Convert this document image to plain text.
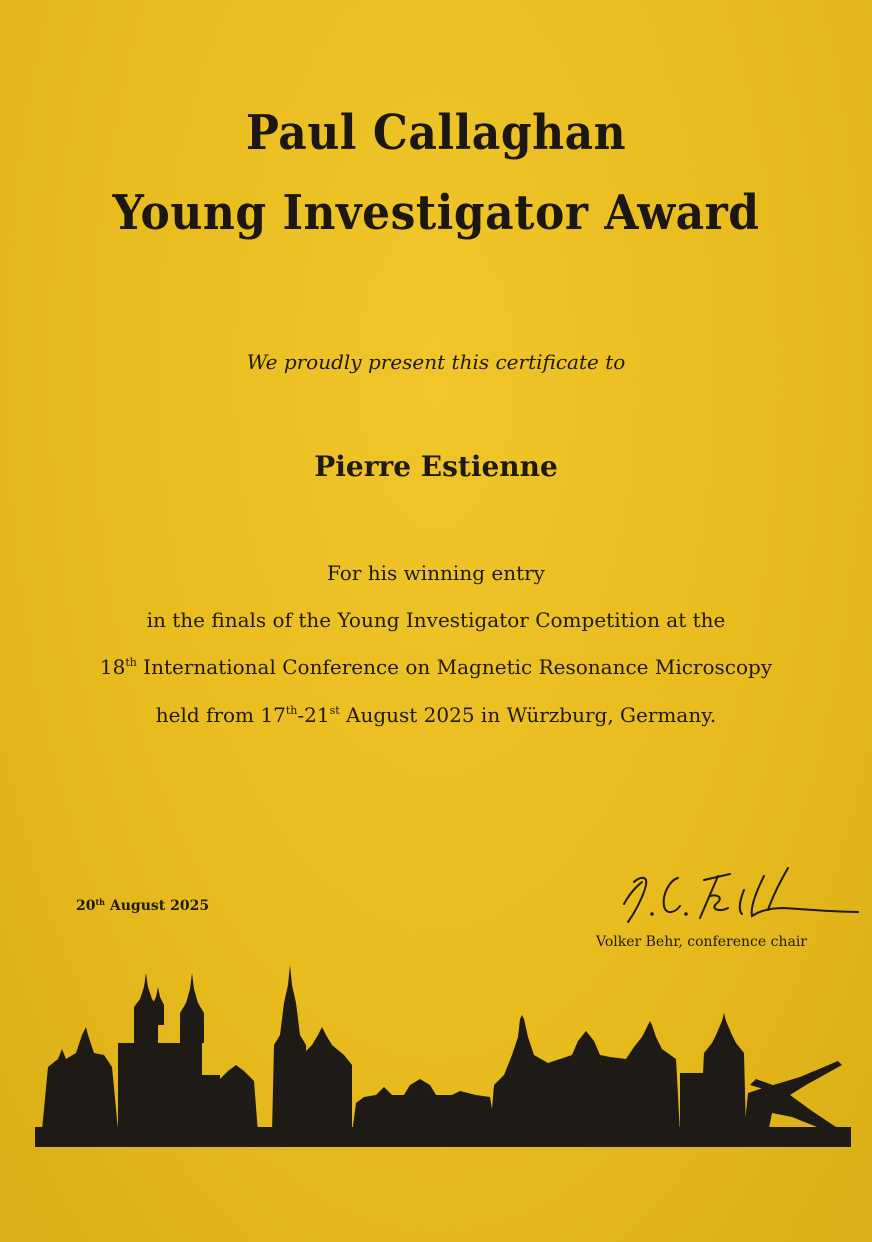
Paul Callaghan
Young Investigator Award
We proudly present this certificate to
Pierre Estienne
For his winning entry
in the finals of the Young Investigator Competition at the
18th International Conference on Magnetic Resonance Microscopy
held from 17th-21st August 2025 in Würzburg, Germany.
20th August 2025
Volker Behr, conference chair
